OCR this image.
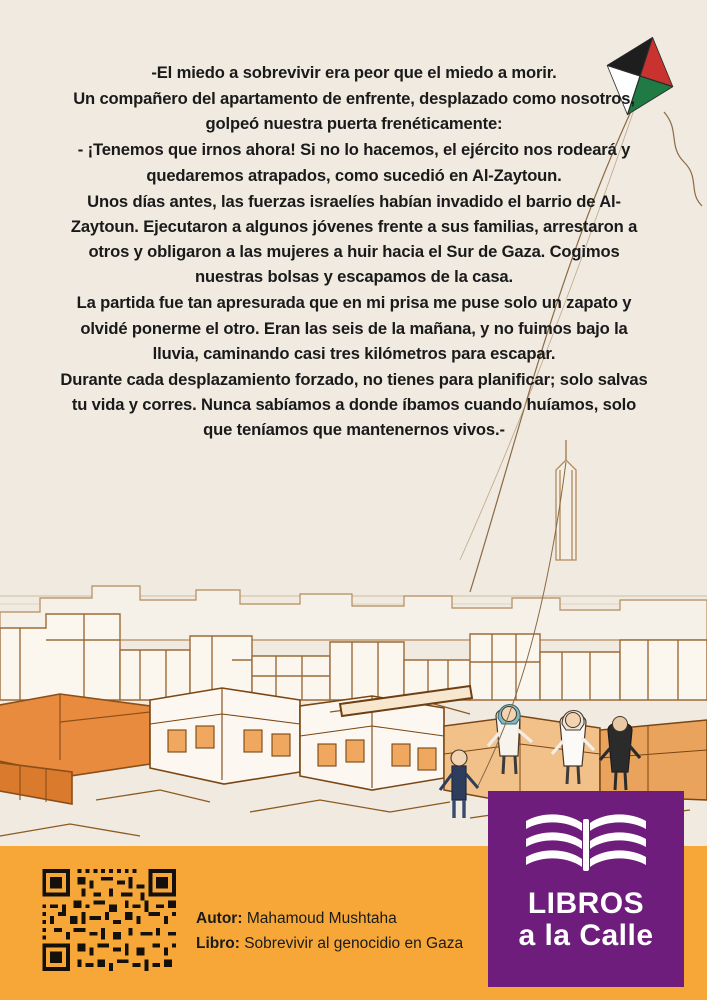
-El miedo a sobrevivir era peor que el miedo a morir.

Un compañero del apartamento de enfrente, desplazado como nosotros, golpeó nuestra puerta frenéticamente:

- ¡Tenemos que irnos ahora! Si no lo hacemos, el ejército nos rodeará y quedaremos atrapados, como sucedió en Al-Zaytoun.

Unos días antes, las fuerzas israelíes habían invadido el barrio de Al-Zaytoun. Ejecutaron a algunos jóvenes frente a sus familias, arrestaron a otros y obligaron a las mujeres a huir hacia el Sur de Gaza. Cogimos nuestras bolsas y escapamos de la casa.

La partida fue tan apresurada que en mi prisa me puse solo un zapato y olvidé ponerme el otro. Eran las seis de la mañana, y no fuimos bajo la lluvia, caminando casi tres kilómetros para escapar.

Durante cada desplazamiento forzado, no tienes para planificar; solo salvas tu vida y corres. Nunca sabíamos a donde íbamos cuando huíamos, solo que teníamos que mantenernos vivos.-

Autor: Mahamoud Mushtaha
Libro: Sobrevivir al genocidio en Gaza
LIBROS
a la Calle
